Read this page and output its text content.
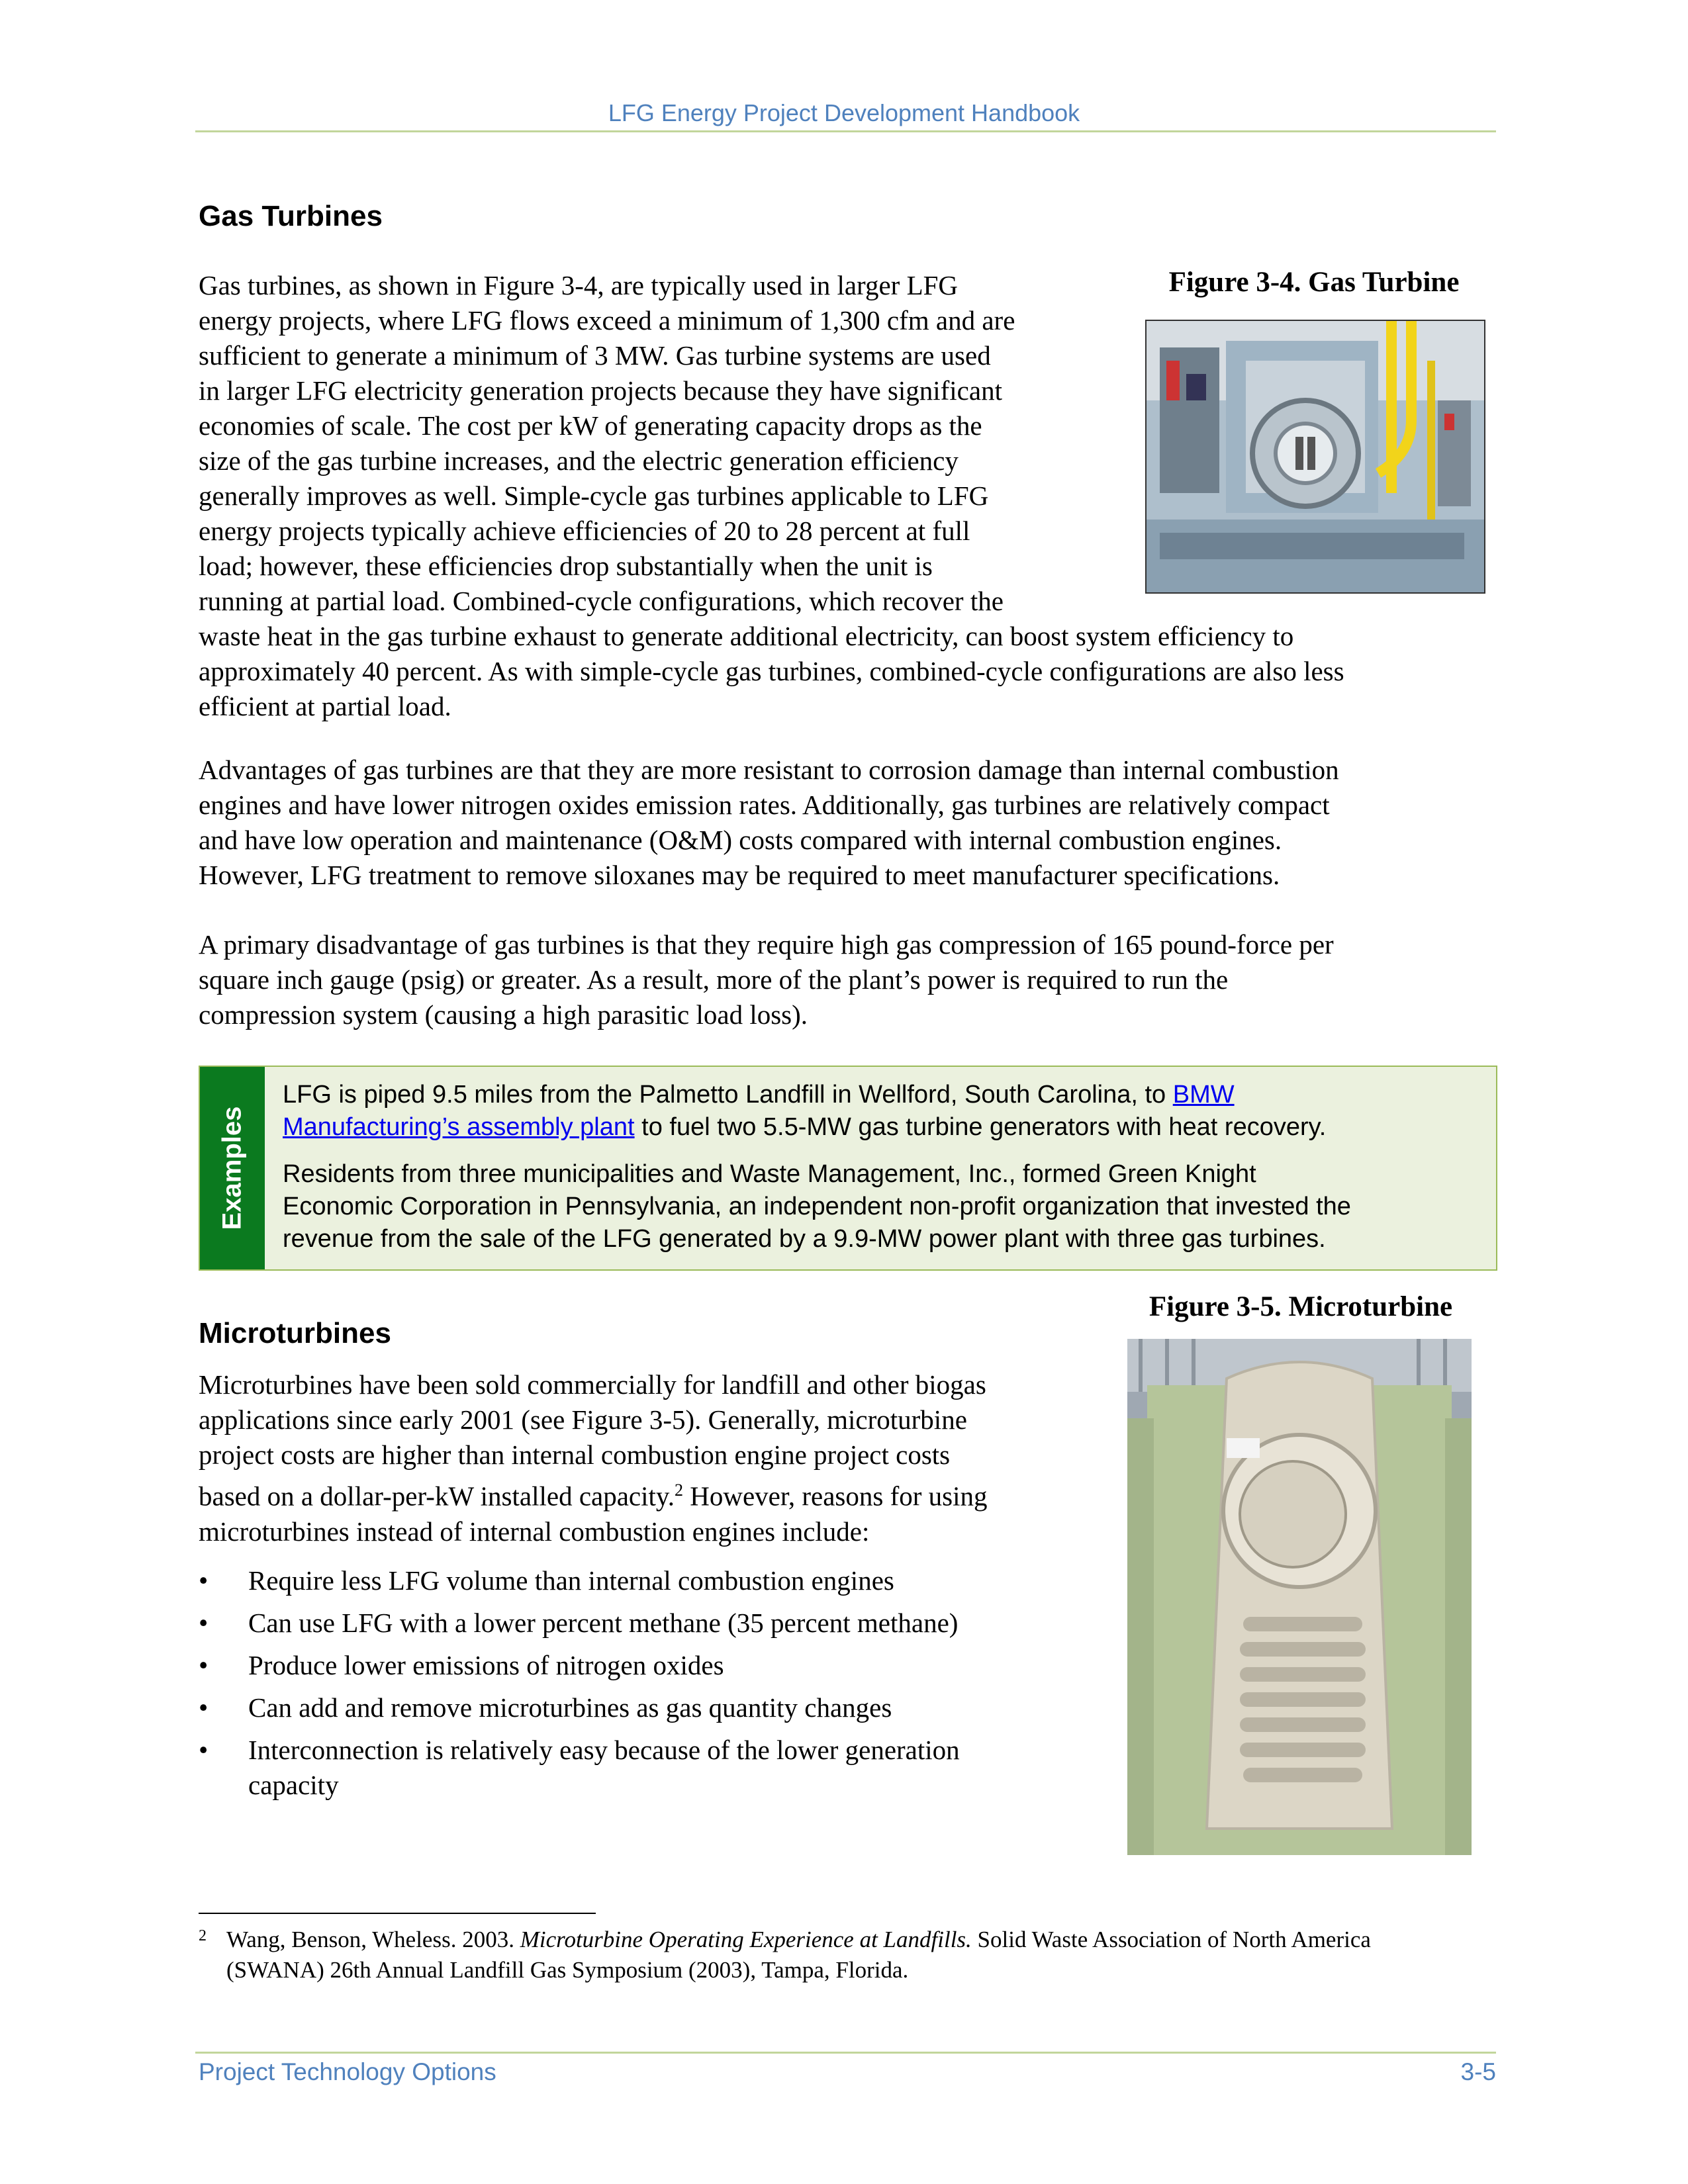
LFG Energy Project Development Handbook
Gas Turbines
Gas turbines, as shown in Figure 3-4, are typically used in larger LFG
energy projects, where LFG flows exceed a minimum of 1,300 cfm and are
sufficient to generate a minimum of 3 MW. Gas turbine systems are used
in larger LFG electricity generation projects because they have significant
economies of scale. The cost per kW of generating capacity drops as the
size of the gas turbine increases, and the electric generation efficiency
generally improves as well. Simple-cycle gas turbines applicable to LFG
energy projects typically achieve efficiencies of 20 to 28 percent at full
load; however, these efficiencies drop substantially when the unit is
running at partial load. Combined-cycle configurations, which recover the
waste heat in the gas turbine exhaust to generate additional electricity, can boost system efficiency to
approximately 40 percent. As with simple-cycle gas turbines, combined-cycle configurations are also less
efficient at partial load.
Figure 3-4. Gas Turbine
Advantages of gas turbines are that they are more resistant to corrosion damage than internal combustion
engines and have lower nitrogen oxides emission rates. Additionally, gas turbines are relatively compact
and have low operation and maintenance (O&M) costs compared with internal combustion engines.
However, LFG treatment to remove siloxanes may be required to meet manufacturer specifications.
A primary disadvantage of gas turbines is that they require high gas compression of 165 pound-force per
square inch gauge (psig) or greater. As a result, more of the plant’s power is required to run the
compression system (causing a high parasitic load loss).
Examples

LFG is piped 9.5 miles from the Palmetto Landfill in Wellford, South Carolina, to BMW
Manufacturing’s assembly plant to fuel two 5.5-MW gas turbine generators with heat recovery.

Residents from three municipalities and Waste Management, Inc., formed Green Knight
Economic Corporation in Pennsylvania, an independent non-profit organization that invested the
revenue from the sale of the LFG generated by a 9.9-MW power plant with three gas turbines.

Figure 3-5. Microturbine
Microturbines
Microturbines have been sold commercially for landfill and other biogas
applications since early 2001 (see Figure 3-5). Generally, microturbine
project costs are higher than internal combustion engine project costs
based on a dollar-per-kW installed capacity.$^2$ However, reasons for using
microturbines instead of internal combustion engines include:
• Require less LFG volume than internal combustion engines
• Can use LFG with a lower percent methane (35 percent methane)
• Produce lower emissions of nitrogen oxides
• Can add and remove microturbines as gas quantity changes
• Interconnection is relatively easy because of the lower generation
capacity
2 Wang, Benson, Wheless. 2003. Microturbine Operating Experience at Landfills. Solid Waste Association of North America
(SWANA) 26th Annual Landfill Gas Symposium (2003), Tampa, Florida.
Project Technology Options	3-5
